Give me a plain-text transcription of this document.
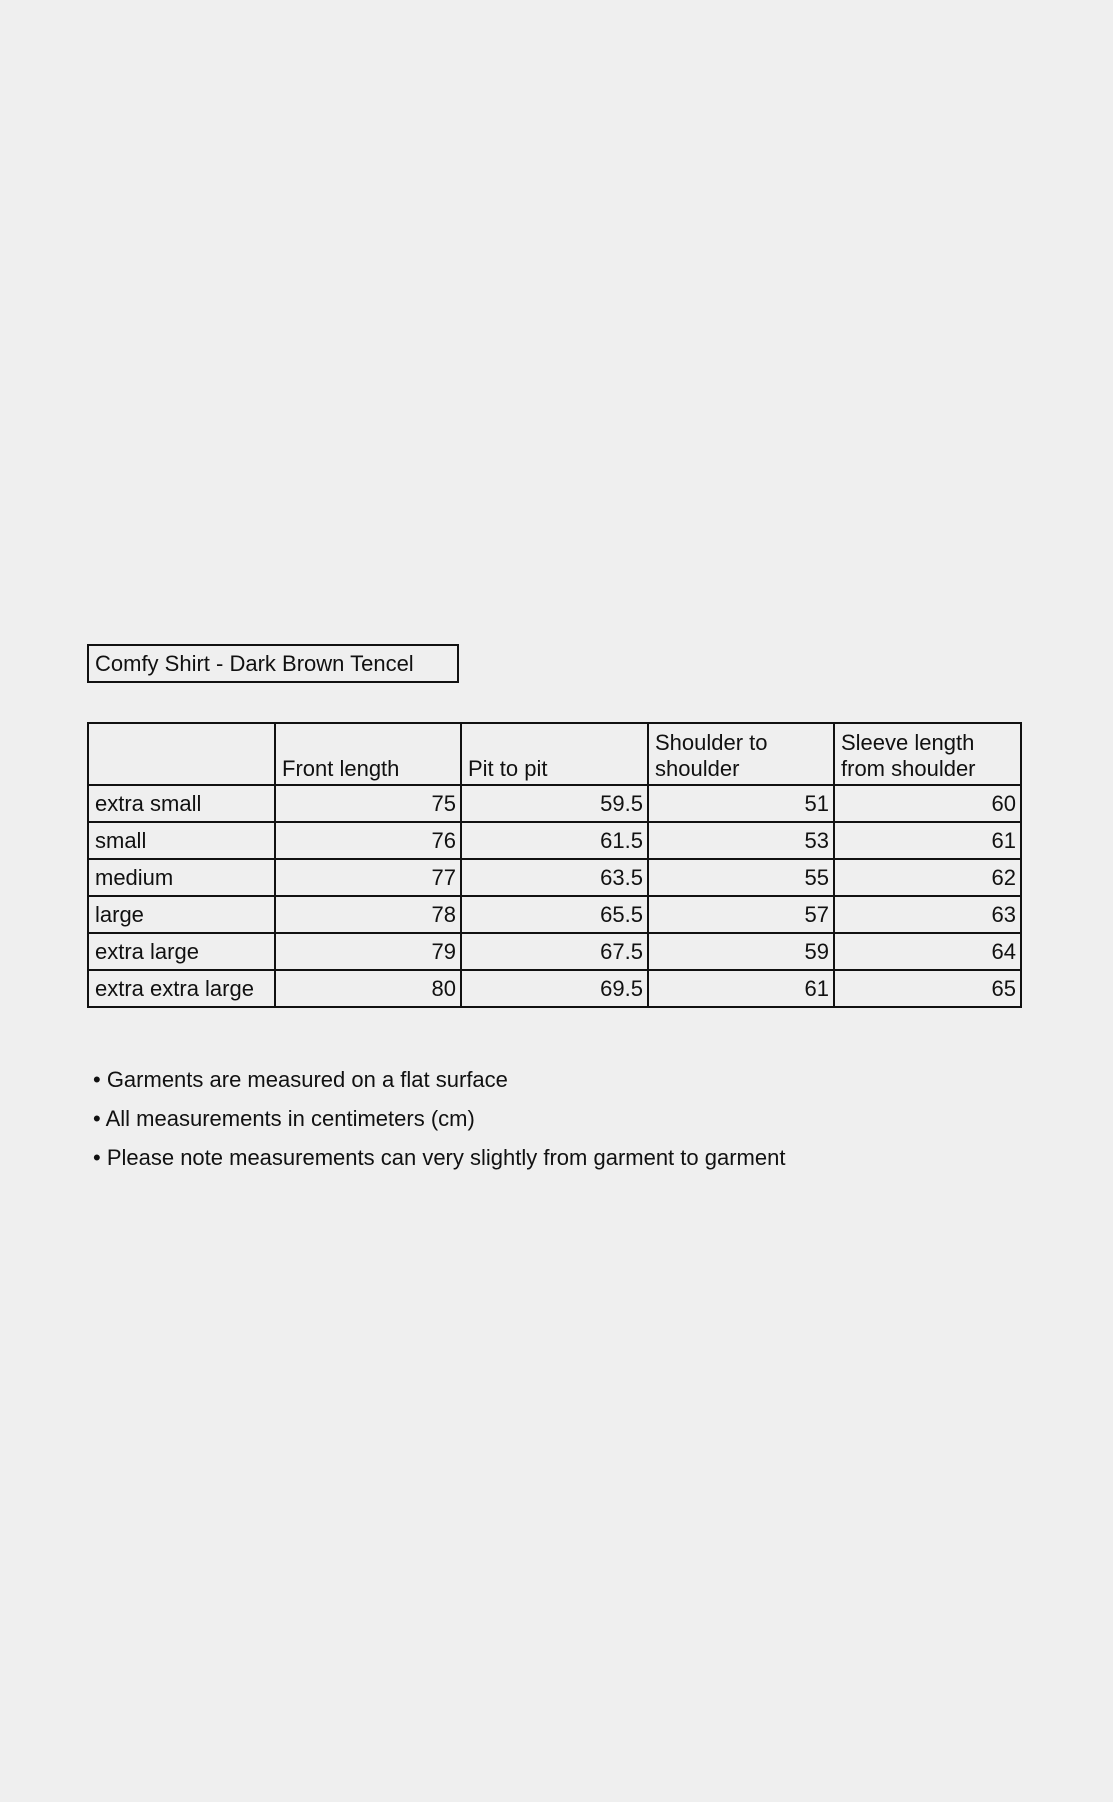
Comfy Shirt - Dark Brown Tencel
	Front length	Pit to pit	Shoulder to shoulder	Sleeve length from shoulder
extra small	75	59.5	51	60
small	76	61.5	53	61
medium	77	63.5	55	62
large	78	65.5	57	63
extra large	79	67.5	59	64
extra extra large	80	69.5	61	65
• Garments are measured on a flat surface
• All measurements in centimeters (cm)
• Please note measurements can very slightly from garment to garment
